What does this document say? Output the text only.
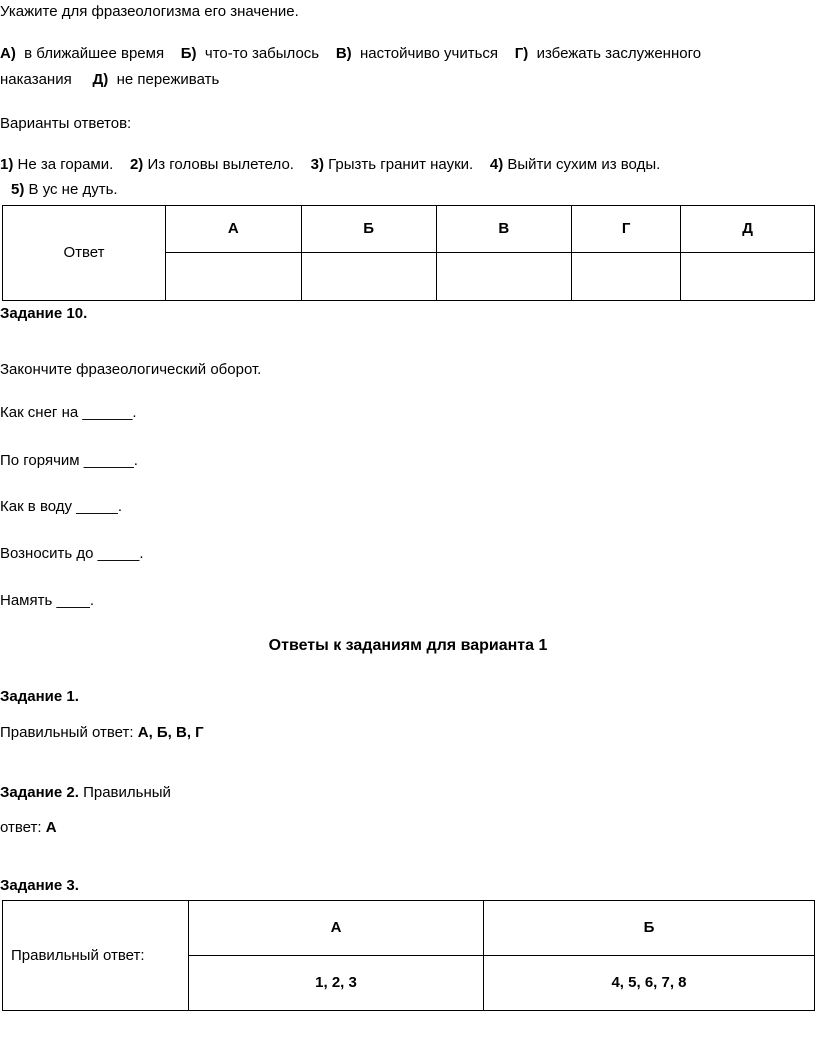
Укажите для фразеологизма его значение.
А) в ближайшее время Б) что-то забылось В) настойчиво учиться Г) избежать заслуженного
наказания Д) не переживать
Варианты ответов:
1) Не за горами. 2) Из головы вылетело. 3) Грызть гранит науки. 4) Выйти сухим из воды.
5) В ус не дуть.
Ответ	А	Б	В	Г	Д

Задание 10.
Закончите фразеологический оборот.
Как снег на ______.
По горячим ______.
Как в воду _____.
Возносить до _____.
Намять ____.
Ответы к заданиям для варианта 1
Задание 1.
Правильный ответ: А, Б, В, Г
Задание 2. Правильный
ответ: А
Задание 3.
Правильный ответ:	А	Б
	1, 2, 3	4, 5, 6, 7, 8
